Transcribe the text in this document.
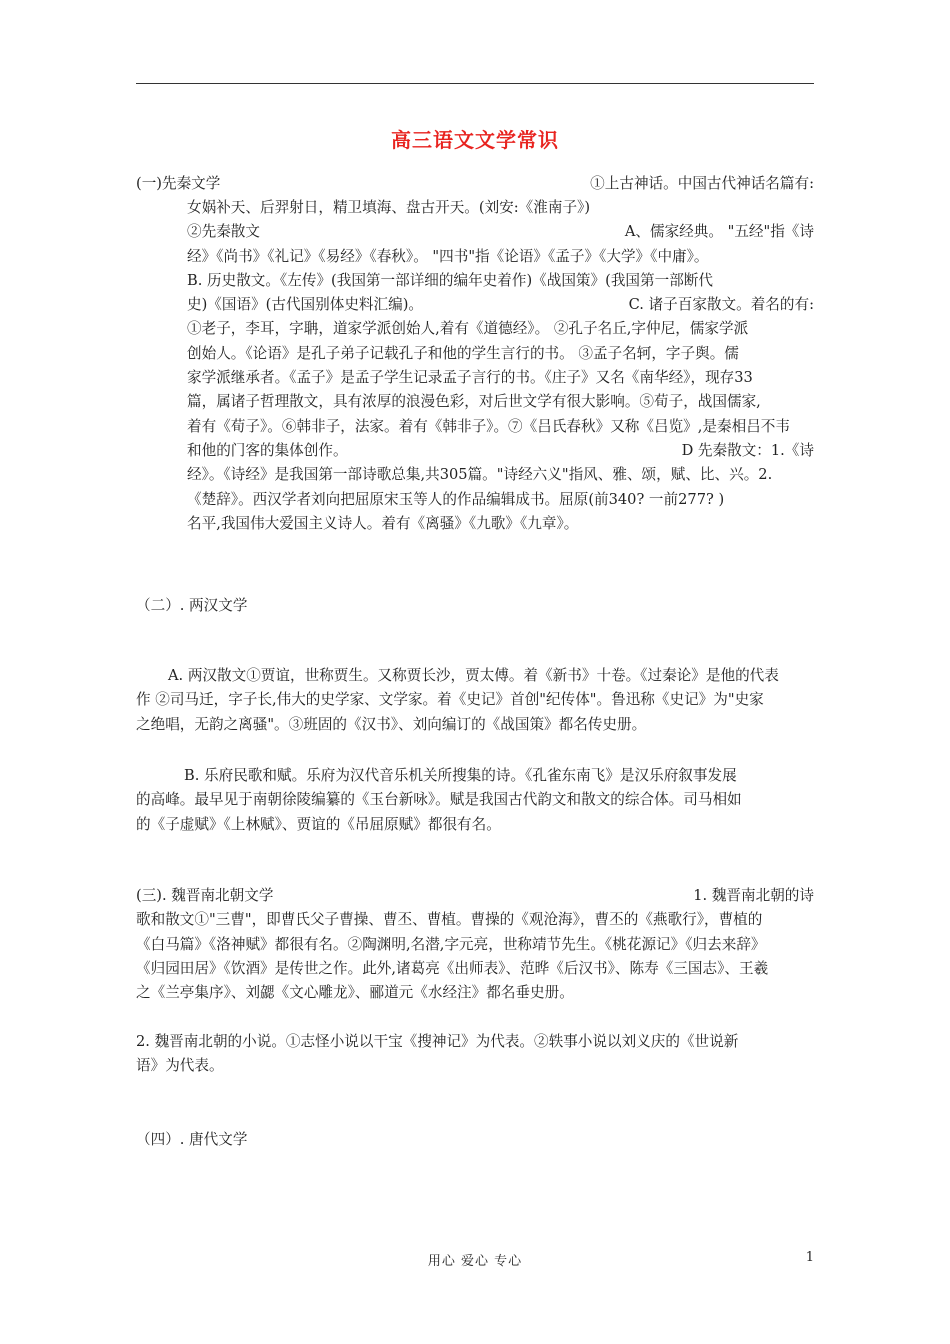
高三语文文学常识
(一)先秦文学	①上古神话。中国古代神话名篇有:
女娲补天、后羿射日，精卫填海、盘古开天。(刘安:《淮南子》)
②先秦散文	A、儒家经典。 "五经"指《诗
经》《尚书》《礼记》《易经》《春秋》。 "四书"指《论语》《孟子》《大学》《中庸》。
B. 历史散文。《左传》(我国第一部详细的编年史着作)《战国策》(我国第一部断代
史)《国语》(古代国别体史料汇编)。	C. 诸子百家散文。着名的有:
①老子，李耳，字聃，道家学派创始人,着有《道德经》。 ②孔子名丘,字仲尼，儒家学派
创始人。《论语》是孔子弟子记载孔子和他的学生言行的书。 ③孟子名轲，字子舆。儒
家学派继承者。《孟子》是孟子学生记录孟子言行的书。《庄子》又名《南华经》，现存33
篇，属诸子哲理散文，具有浓厚的浪漫色彩，对后世文学有很大影响。⑤荀子，战国儒家,
着有《荀子》。⑥韩非子，法家。着有《韩非子》。⑦《吕氏春秋》又称《吕览》,是秦相吕不韦
和他的门客的集体创作。	D 先秦散文：1.《诗
经》。《诗经》是我国第一部诗歌总集,共305篇。"诗经六义"指风、雅、颂，赋、比、兴。2.
《楚辞》。西汉学者刘向把屈原宋玉等人的作品编辑成书。屈原(前340? 一前277? )
名平,我国伟大爱国主义诗人。着有《离骚》《九歌》《九章》。
（二）. 两汉文学
A. 两汉散文①贾谊，世称贾生。又称贾长沙，贾太傅。着《新书》十卷。《过秦论》是他的代表
作 ②司马迁，字子长,伟大的史学家、文学家。着《史记》首创"纪传体"。鲁迅称《史记》为"史家
之绝唱，无韵之离骚"。③班固的《汉书》、刘向编订的《战国策》都名传史册。
B. 乐府民歌和赋。乐府为汉代音乐机关所搜集的诗。《孔雀东南飞》是汉乐府叙事发展
的高峰。最早见于南朝徐陵编纂的《玉台新咏》。赋是我国古代韵文和散文的综合体。司马相如
的《子虚赋》《上林赋》、贾谊的《吊屈原赋》都很有名。
(三). 魏晋南北朝文学	1. 魏晋南北朝的诗
歌和散文①"三曹"，即曹氏父子曹操、曹丕、曹植。曹操的《观沧海》，曹丕的《燕歌行》，曹植的
《白马篇》《洛神赋》都很有名。②陶渊明,名潜,字元亮，世称靖节先生。《桃花源记》《归去来辞》
《归园田居》《饮酒》是传世之作。此外,诸葛亮《出师表》、范晔《后汉书》、陈寿《三国志》、王羲
之《兰亭集序》、刘勰《文心雕龙》、郦道元《水经注》都名垂史册。
2. 魏晋南北朝的小说。①志怪小说以干宝《搜神记》为代表。②轶事小说以刘义庆的《世说新
语》为代表。
（四）. 唐代文学
用心 爱心 专心	1
